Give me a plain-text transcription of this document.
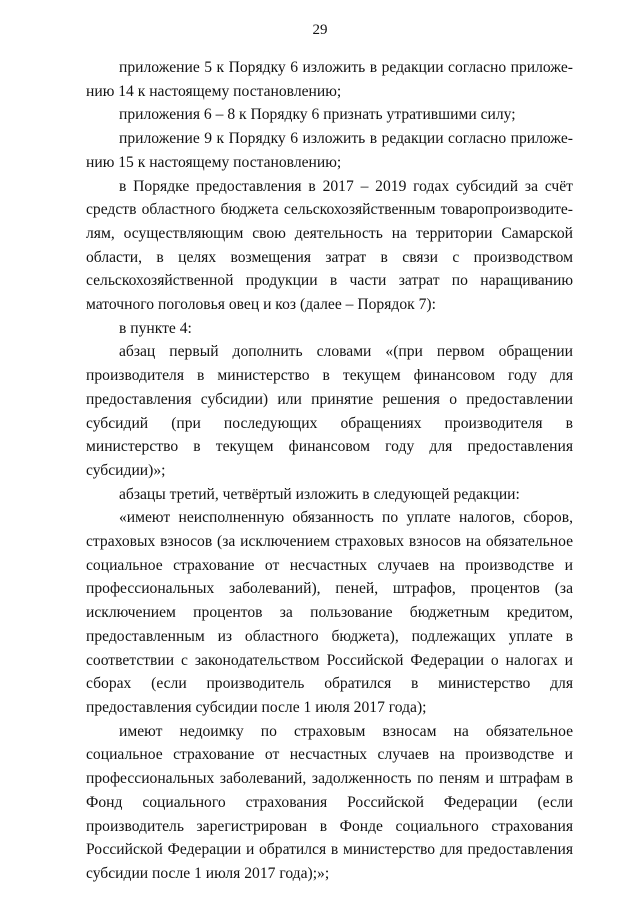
29

приложение 5 к Порядку 6 изложить в редакции согласно приложению 14 к настоящему постановлению;

приложения 6 – 8 к Порядку 6 признать утратившими силу;

приложение 9 к Порядку 6 изложить в редакции согласно приложению 15 к настоящему постановлению;

в Порядке предоставления в 2017 – 2019 годах субсидий за счёт средств областного бюджета сельскохозяйственным товаропроизводителям, осуществляющим свою деятельность на территории Самарской области, в целях возмещения затрат в связи с производством сельскохозяйственной продукции в части затрат по наращиванию маточного поголовья овец и коз (далее – Порядок 7):

в пункте 4:

абзац первый дополнить словами «(при первом обращении производителя в министерство в текущем финансовом году для предоставления субсидии) или принятие решения о предоставлении субсидий (при последующих обращениях производителя в министерство в текущем финансовом году для предоставления субсидии)»;

абзацы третий, четвёртый изложить в следующей редакции:

«имеют неисполненную обязанность по уплате налогов, сборов, страховых взносов (за исключением страховых взносов на обязательное социальное страхование от несчастных случаев на производстве и профессиональных заболеваний), пеней, штрафов, процентов (за исключением процентов за пользование бюджетным кредитом, предоставленным из областного бюджета), подлежащих уплате в соответствии с законодательством Российской Федерации о налогах и сборах (если производитель обратился в министерство для предоставления субсидии после 1 июля 2017 года);

имеют недоимку по страховым взносам на обязательное социальное страхование от несчастных случаев на производстве и профессиональных заболеваний, задолженность по пеням и штрафам в Фонд социального страхования Российской Федерации (если производитель зарегистрирован в Фонде социального страхования Российской Федерации и обратился в министерство для предоставления субсидии после 1 июля 2017 года);»;
